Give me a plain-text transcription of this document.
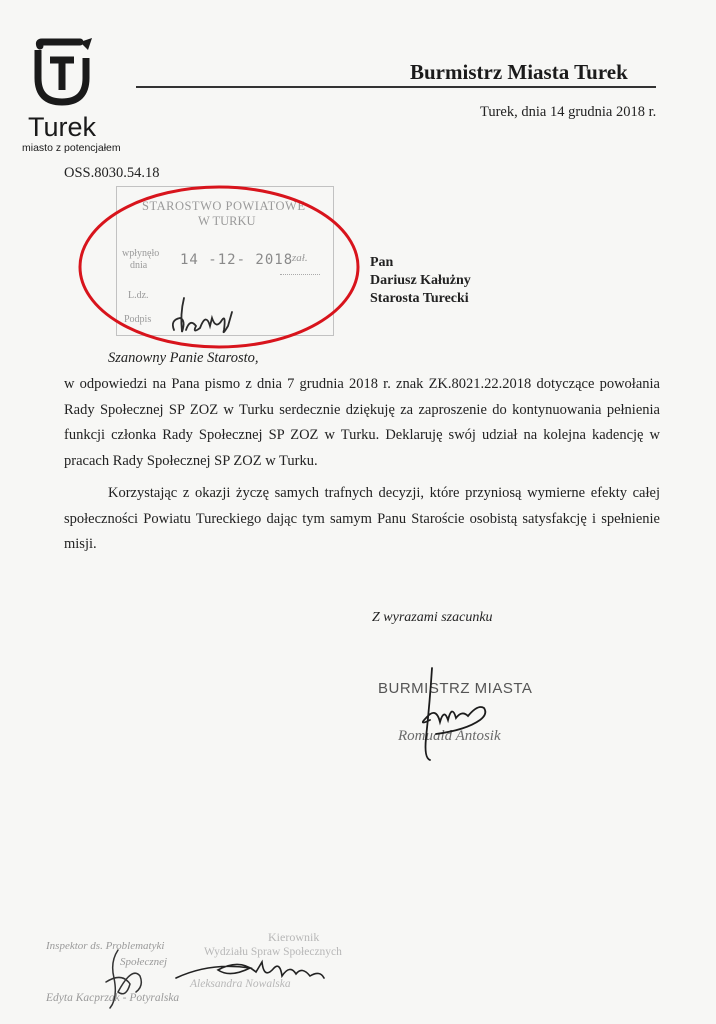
Turek
miasto z potencjałem
Burmistrz Miasta Turek
Turek, dnia 14 grudnia 2018 r.
OSS.8030.54.18
STAROSTWO POWIATOWE
W TURKU
wpłynęło
dnia 14 -12- 2018
zał.
L.dz.
Podpis
Pan
Dariusz Kałużny
Starosta Turecki
Szanowny Panie Starosto,

w odpowiedzi na Pana pismo z dnia 7 grudnia 2018 r. znak ZK.8021.22.2018 dotyczące powołania Rady Społecznej SP ZOZ w Turku serdecznie dziękuję za zaproszenie do kontynuowania pełnienia funkcji członka Rady Społecznej SP ZOZ w Turku. Deklaruję swój udział na kolejna kadencję w pracach Rady Społecznej SP ZOZ w Turku.

Korzystając z okazji życzę samych trafnych decyzji, które przyniosą wymierne efekty całej społeczności Powiatu Tureckiego dając tym samym Panu Staroście osobistą satysfakcję i spełnienie misji.

Z wyrazami szacunku
BURMISTRZ MIASTA
Romuald Antosik
Inspektor ds. Problematyki
Społecznej
Edyta Kacprzak - Potyralska
Kierownik
Wydziału Spraw Społecznych
Aleksandra Nowalska
